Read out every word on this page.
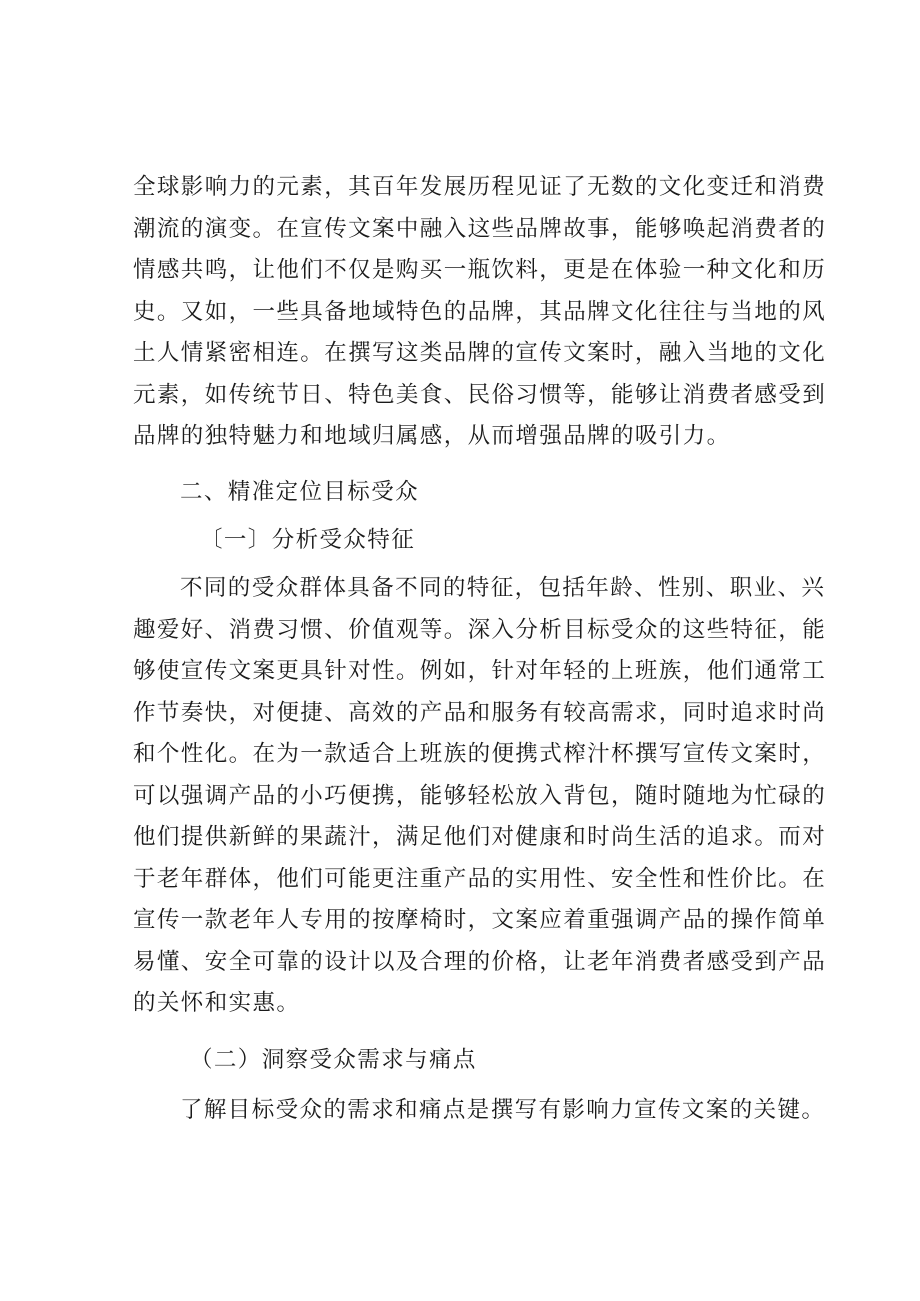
全球影响力的元素，其百年发展历程见证了无数的文化变迁和消费
潮流的演变。在宣传文案中融入这些品牌故事，能够唤起消费者的
情感共鸣，让他们不仅是购买一瓶饮料，更是在体验一种文化和历
史。又如，一些具备地域特色的品牌，其品牌文化往往与当地的风
土人情紧密相连。在撰写这类品牌的宣传文案时，融入当地的文化
元素，如传统节日、特色美食、民俗习惯等，能够让消费者感受到
品牌的独特魅力和地域归属感，从而增强品牌的吸引力。

二、精准定位目标受众

〔一〕分析受众特征

不同的受众群体具备不同的特征，包括年龄、性别、职业、兴
趣爱好、消费习惯、价值观等。深入分析目标受众的这些特征，能
够使宣传文案更具针对性。例如，针对年轻的上班族，他们通常工
作节奏快，对便捷、高效的产品和服务有较高需求，同时追求时尚
和个性化。在为一款适合上班族的便携式榨汁杯撰写宣传文案时，
可以强调产品的小巧便携，能够轻松放入背包，随时随地为忙碌的
他们提供新鲜的果蔬汁，满足他们对健康和时尚生活的追求。而对
于老年群体，他们可能更注重产品的实用性、安全性和性价比。在
宣传一款老年人专用的按摩椅时，文案应着重强调产品的操作简单
易懂、安全可靠的设计以及合理的价格，让老年消费者感受到产品
的关怀和实惠。

（二）洞察受众需求与痛点

了解目标受众的需求和痛点是撰写有影响力宣传文案的关键。
